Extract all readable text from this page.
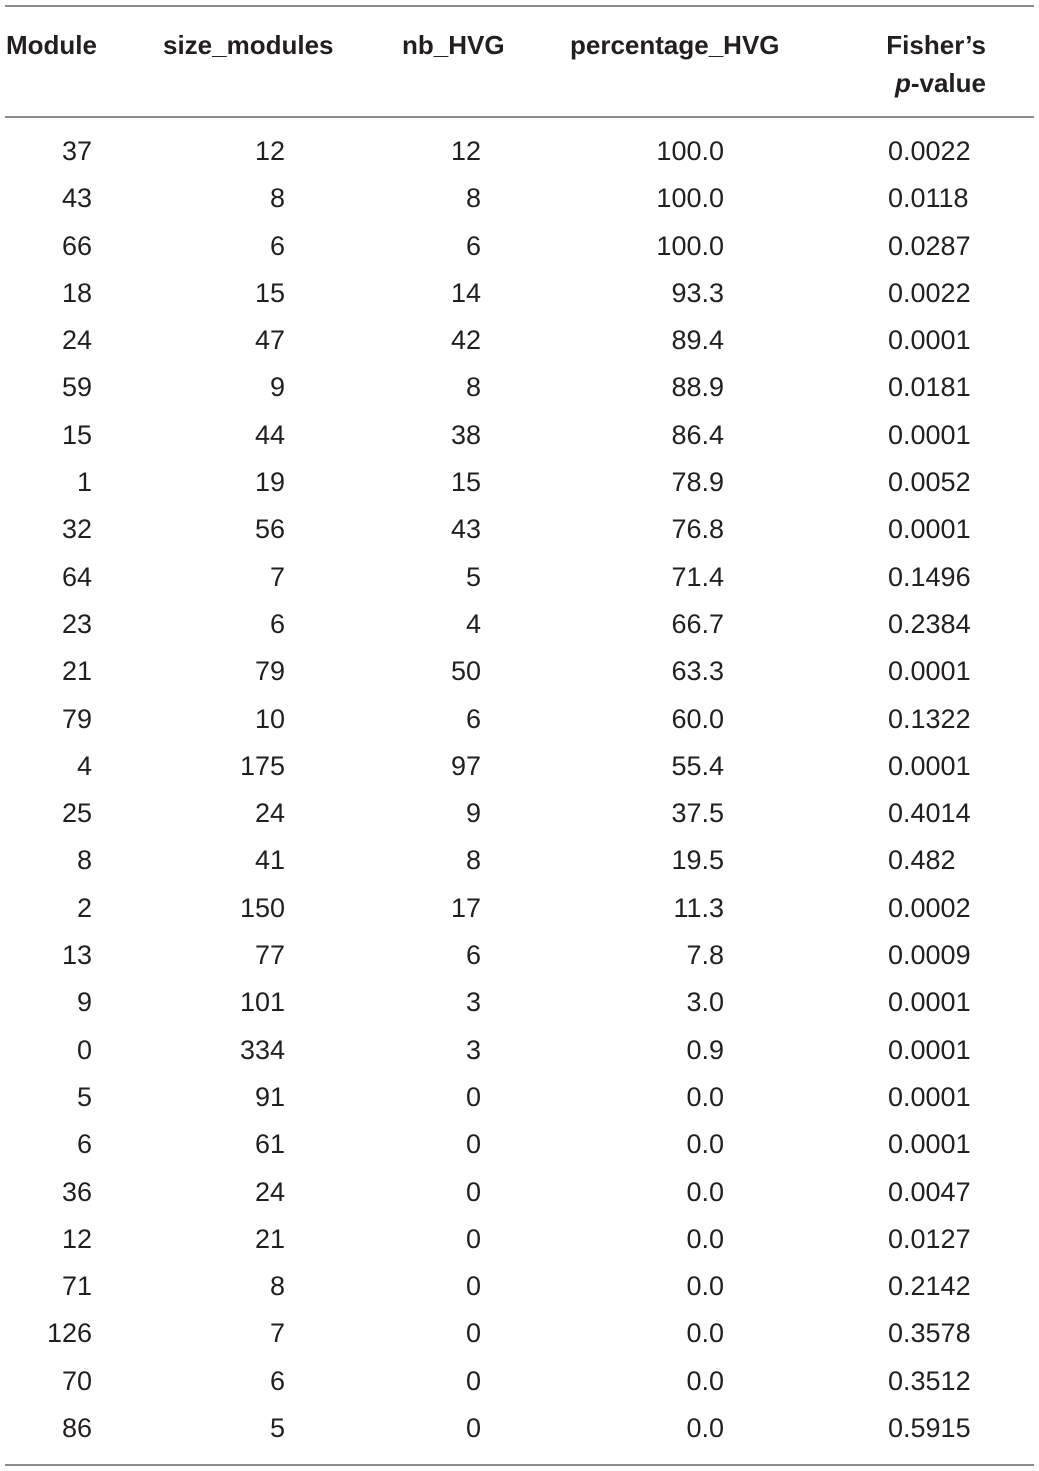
Module	size_modules	nb_HVG	percentage_HVG	Fisher’s
p-value
37	12	12	100.0	0.0022
43	8	8	100.0	0.0118
66	6	6	100.0	0.0287
18	15	14	93.3	0.0022
24	47	42	89.4	0.0001
59	9	8	88.9	0.0181
15	44	38	86.4	0.0001
1	19	15	78.9	0.0052
32	56	43	76.8	0.0001
64	7	5	71.4	0.1496
23	6	4	66.7	0.2384
21	79	50	63.3	0.0001
79	10	6	60.0	0.1322
4	175	97	55.4	0.0001
25	24	9	37.5	0.4014
8	41	8	19.5	0.482
2	150	17	11.3	0.0002
13	77	6	7.8	0.0009
9	101	3	3.0	0.0001
0	334	3	0.9	0.0001
5	91	0	0.0	0.0001
6	61	0	0.0	0.0001
36	24	0	0.0	0.0047
12	21	0	0.0	0.0127
71	8	0	0.0	0.2142
126	7	0	0.0	0.3578
70	6	0	0.0	0.3512
86	5	0	0.0	0.5915
